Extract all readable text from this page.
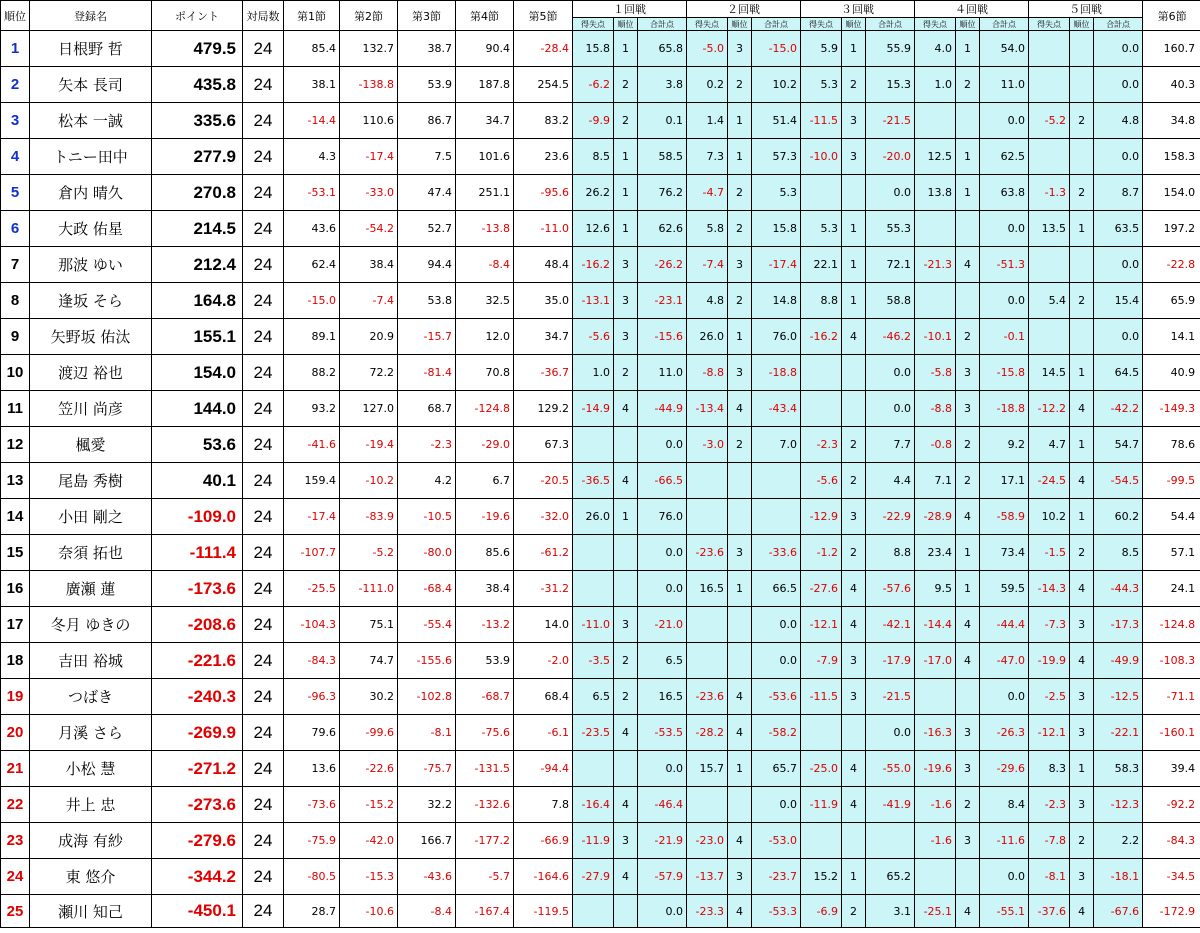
順位	登録名	ポイント	対局数	第1節	第2節	第3節	第4節	第5節	１回戦			２回戦			３回戦			４回戦			５回戦			第6節
									得失点	順位	合計点	得失点	順位	合計点	得失点	順位	合計点	得失点	順位	合計点	得失点	順位	合計点	
1	日根野 哲	479.5	24	85.4	132.7	38.7	90.4	-28.4	15.8	1	65.8	-5.0	3	-15.0	5.9	1	55.9	4.0	1	54.0			0.0	160.7
2	矢本 長司	435.8	24	38.1	-138.8	53.9	187.8	254.5	-6.2	2	3.8	0.2	2	10.2	5.3	2	15.3	1.0	2	11.0			0.0	40.3
3	松本 一誠	335.6	24	-14.4	110.6	86.7	34.7	83.2	-9.9	2	0.1	1.4	1	51.4	-11.5	3	-21.5			0.0	-5.2	2	4.8	34.8
4	トニー田中	277.9	24	4.3	-17.4	7.5	101.6	23.6	8.5	1	58.5	7.3	1	57.3	-10.0	3	-20.0	12.5	1	62.5			0.0	158.3
5	倉内 晴久	270.8	24	-53.1	-33.0	47.4	251.1	-95.6	26.2	1	76.2	-4.7	2	5.3			0.0	13.8	1	63.8	-1.3	2	8.7	154.0
6	大政 佑星	214.5	24	43.6	-54.2	52.7	-13.8	-11.0	12.6	1	62.6	5.8	2	15.8	5.3	1	55.3			0.0	13.5	1	63.5	197.2
7	那波 ゆい	212.4	24	62.4	38.4	94.4	-8.4	48.4	-16.2	3	-26.2	-7.4	3	-17.4	22.1	1	72.1	-21.3	4	-51.3			0.0	-22.8
8	逢坂 そら	164.8	24	-15.0	-7.4	53.8	32.5	35.0	-13.1	3	-23.1	4.8	2	14.8	8.8	1	58.8			0.0	5.4	2	15.4	65.9
9	矢野坂 佑汰	155.1	24	89.1	20.9	-15.7	12.0	34.7	-5.6	3	-15.6	26.0	1	76.0	-16.2	4	-46.2	-10.1	2	-0.1			0.0	14.1
10	渡辺 裕也	154.0	24	88.2	72.2	-81.4	70.8	-36.7	1.0	2	11.0	-8.8	3	-18.8			0.0	-5.8	3	-15.8	14.5	1	64.5	40.9
11	笠川 尚彦	144.0	24	93.2	127.0	68.7	-124.8	129.2	-14.9	4	-44.9	-13.4	4	-43.4			0.0	-8.8	3	-18.8	-12.2	4	-42.2	-149.3
12	楓愛	53.6	24	-41.6	-19.4	-2.3	-29.0	67.3			0.0	-3.0	2	7.0	-2.3	2	7.7	-0.8	2	9.2	4.7	1	54.7	78.6
13	尾島 秀樹	40.1	24	159.4	-10.2	4.2	6.7	-20.5	-36.5	4	-66.5				-5.6	2	4.4	7.1	2	17.1	-24.5	4	-54.5	-99.5
14	小田 剛之	-109.0	24	-17.4	-83.9	-10.5	-19.6	-32.0	26.0	1	76.0				-12.9	3	-22.9	-28.9	4	-58.9	10.2	1	60.2	54.4
15	奈須 拓也	-111.4	24	-107.7	-5.2	-80.0	85.6	-61.2			0.0	-23.6	3	-33.6	-1.2	2	8.8	23.4	1	73.4	-1.5	2	8.5	57.1
16	廣瀬 蓮	-173.6	24	-25.5	-111.0	-68.4	38.4	-31.2			0.0	16.5	1	66.5	-27.6	4	-57.6	9.5	1	59.5	-14.3	4	-44.3	24.1
17	冬月 ゆきの	-208.6	24	-104.3	75.1	-55.4	-13.2	14.0	-11.0	3	-21.0			0.0	-12.1	4	-42.1	-14.4	4	-44.4	-7.3	3	-17.3	-124.8
18	吉田 裕城	-221.6	24	-84.3	74.7	-155.6	53.9	-2.0	-3.5	2	6.5			0.0	-7.9	3	-17.9	-17.0	4	-47.0	-19.9	4	-49.9	-108.3
19	つばき	-240.3	24	-96.3	30.2	-102.8	-68.7	68.4	6.5	2	16.5	-23.6	4	-53.6	-11.5	3	-21.5			0.0	-2.5	3	-12.5	-71.1
20	月溪 さら	-269.9	24	79.6	-99.6	-8.1	-75.6	-6.1	-23.5	4	-53.5	-28.2	4	-58.2			0.0	-16.3	3	-26.3	-12.1	3	-22.1	-160.1
21	小松 慧	-271.2	24	13.6	-22.6	-75.7	-131.5	-94.4			0.0	15.7	1	65.7	-25.0	4	-55.0	-19.6	3	-29.6	8.3	1	58.3	39.4
22	井上 忠	-273.6	24	-73.6	-15.2	32.2	-132.6	7.8	-16.4	4	-46.4			0.0	-11.9	4	-41.9	-1.6	2	8.4	-2.3	3	-12.3	-92.2
23	成海 有紗	-279.6	24	-75.9	-42.0	166.7	-177.2	-66.9	-11.9	3	-21.9	-23.0	4	-53.0				-1.6	3	-11.6	-7.8	2	2.2	-84.3
24	東 悠介	-344.2	24	-80.5	-15.3	-43.6	-5.7	-164.6	-27.9	4	-57.9	-13.7	3	-23.7	15.2	1	65.2			0.0	-8.1	3	-18.1	-34.5
25	瀬川 知己	-450.1	24	28.7	-10.6	-8.4	-167.4	-119.5			0.0	-23.3	4	-53.3	-6.9	2	3.1	-25.1	4	-55.1	-37.6	4	-67.6	-172.9
